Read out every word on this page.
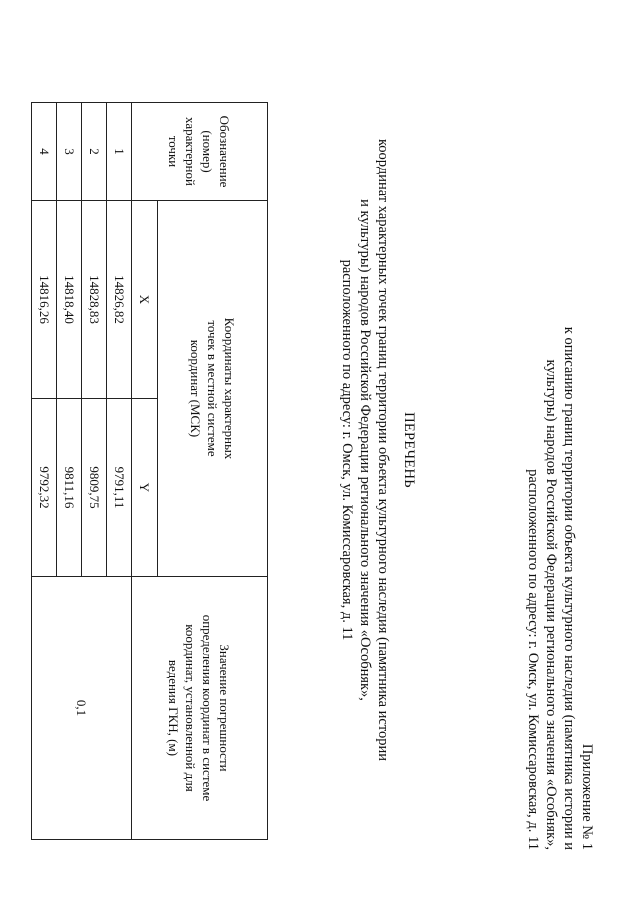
Приложение № 1
к описанию границ территории объекта культурного наследия (памятника истории и
культуры) народов Российской Федерации регионального значения «Особняк»,
расположенного по адресу: г. Омск, ул. Комиссаровская, д. 11
ПЕРЕЧЕНЬ
координат характерных точек границ территории объекта культурного наследия (памятника истории
и культуры) народов Российской Федерации регионального значения «Особняк»,
расположенного по адресу: г. Омск, ул. Комиссаровская, д. 11
Обозначение
(номер)
характерной
точки	Координаты характерных
точек в местной системе
координат (МСК)		Значение погрешности
определения координат в системе
координат, установленной для
ведения ГКН, (м)

	X	Y	
1	14826,82	9791,11	0,1
2	14828,83	9809,75	
3	14818,40	9811,16	
4	14816,26	9792,32	
